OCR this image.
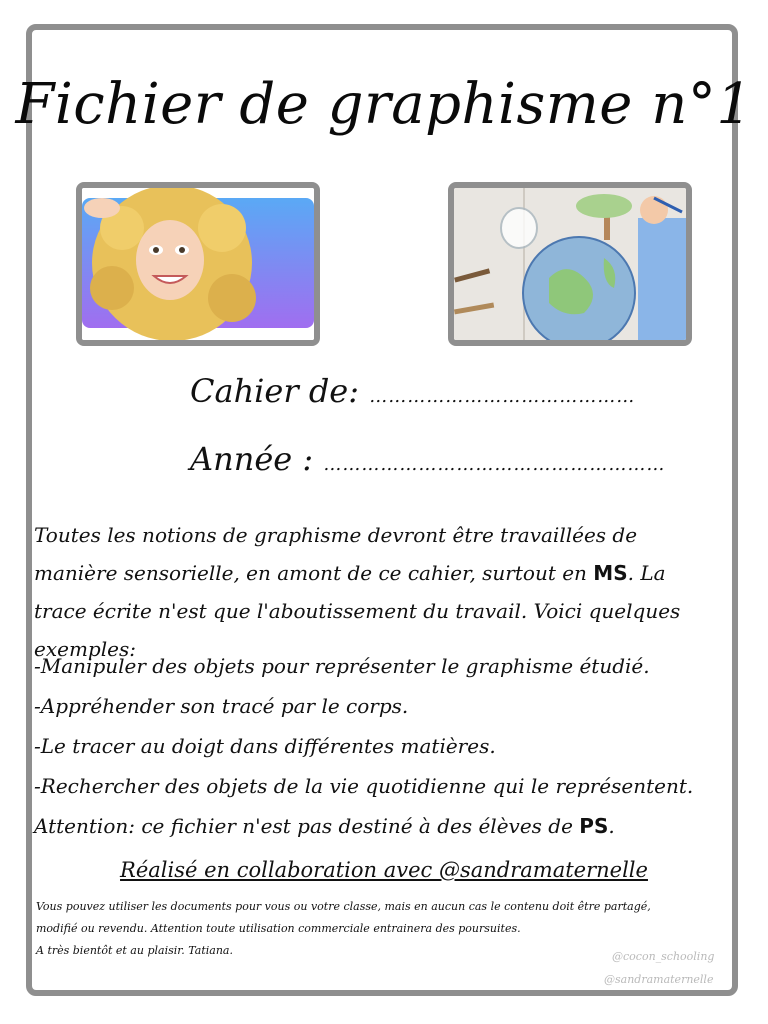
Fichier de graphisme n°1
Cahier de: ……………………………………
Année : ………………………………………………
Toutes les notions de graphisme devront être travaillées de manière sensorielle, en amont de ce cahier, surtout en MS. La trace écrite n'est que l'aboutissement du travail. Voici quelques exemples:
-Manipuler des objets pour représenter le graphisme étudié.
-Appréhender son tracé par le corps.
-Le tracer au doigt dans différentes matières.
-Rechercher des objets de la vie quotidienne qui le représentent.
Attention: ce fichier n'est pas destiné à des élèves de PS.
Réalisé en collaboration avec @sandramaternelle
Vous pouvez utiliser les documents pour vous ou votre classe, mais en aucun cas le contenu doit être partagé,
modifié ou revendu. Attention toute utilisation commerciale entrainera des poursuites.
A très bientôt et au plaisir. Tatiana.	@cocon_schooling
@sandramaternelle
